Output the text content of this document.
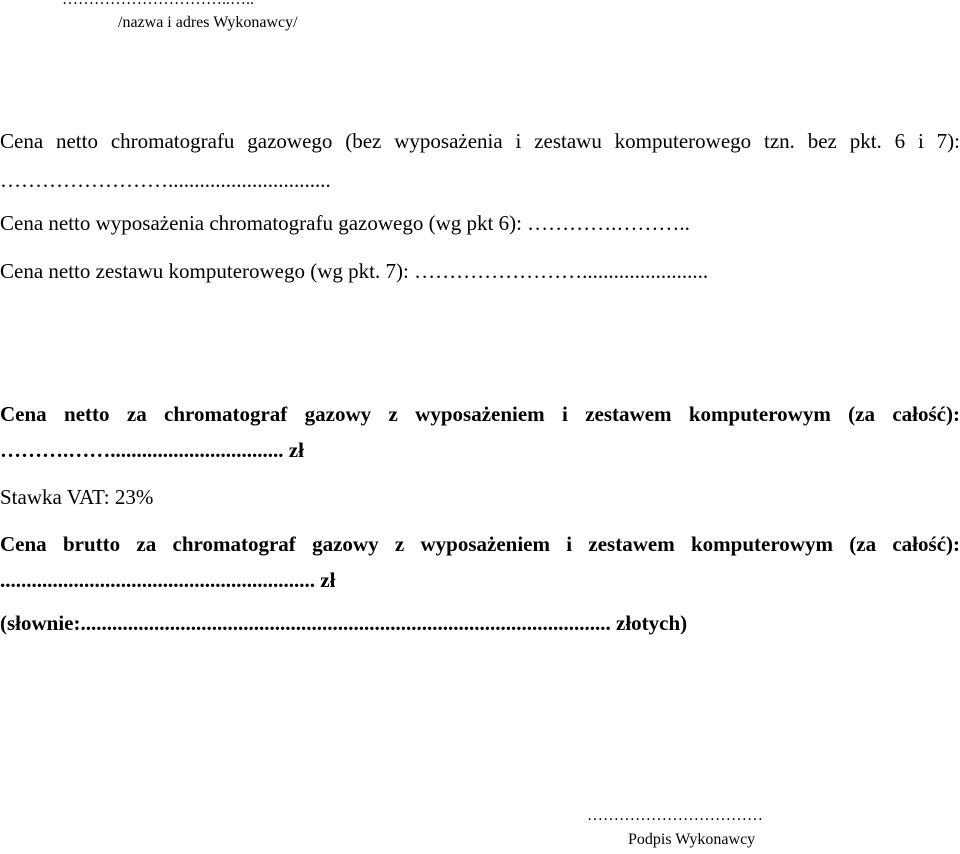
/nazwa i adres Wykonawcy/
Cena netto chromatografu gazowego (bez wyposażenia i zestawu komputerowego tzn. bez pkt. 6 i 7):
……………………...............................
Cena netto wyposażenia chromatografu gazowego (wg pkt 6): ………….………..
Cena netto zestawu komputerowego (wg pkt. 7): ……………………........................
Cena netto za chromatograf gazowy z wyposażeniem i zestawem komputerowym (za całość):
……….……................................. zł
Stawka VAT: 23%
Cena brutto za chromatograf gazowy z wyposażeniem i zestawem komputerowym (za całość):
............................................................ zł
(słownie:..................................................................................................... złotych)
……………………………
Podpis Wykonawcy
